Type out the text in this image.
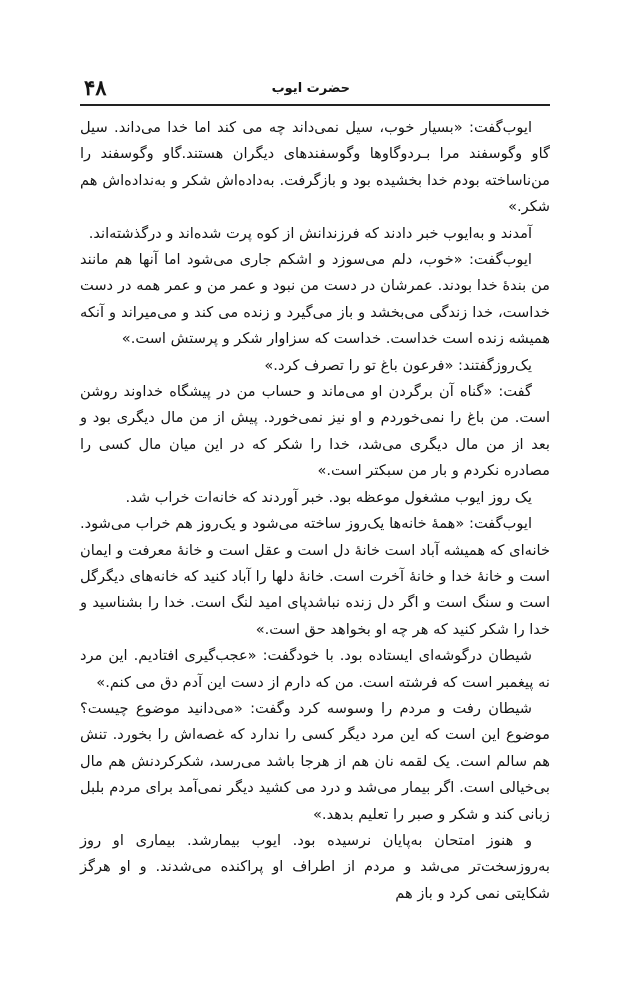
۴۸	حضرت ایوب

ایوب‌گفت: «بسیار خوب، سیل نمی‌داند چه می کند اما خدا می‌داند. سیل گاو وگوسفند مرا بـردوگاوها وگوسفندهای دیگران هستند.گاو وگوسفند را من‌ناساخته بودم خدا بخشیده بود و بازگرفت. به‌داده‌اش شکر و به‌نداده‌اش هم شکر.»

آمدند و به‌ایوب خبر دادند که فرزندانش از کوه پرت شده‌اند و درگذشته‌اند.

ایوب‌گفت: «خوب، دلم می‌سوزد و اشکم جاری می‌شود اما آنها هم مانند من بندهٔ خدا بودند. عمرشان در دست من نبود و عمر من و عمر همه در دست خداست، خدا زندگی می‌بخشد و باز می‌گیرد و زنده می کند و می‌میراند و آنکه همیشه زنده است خداست. خداست که سزاوار شکر و پرستش است.»

یک‌روزگفتند: «فرعون باغ تو را تصرف کرد.»

گفت: «گناه آن برگردن او می‌ماند و حساب من در پیشگاه خداوند روشن است. من باغ را نمی‌خوردم و او نیز نمی‌خورد. پیش از من مال دیگری بود و بعد از من مال دیگری می‌شد، خدا را شکر که در این میان مال کسی را مصادره نکردم و بار من سبکتر است.»

یک روز ایوب مشغول موعظه بود. خبر آوردند که خانه‌ات خراب شد.

ایوب‌گفت: «همهٔ خانه‌ها یک‌روز ساخته می‌شود و یک‌روز هم خراب می‌شود. خانه‌ای که همیشه آباد است خانهٔ دل است و عقل است و خانهٔ معرفت و ایمان است و خانهٔ خدا و خانهٔ آخرت است. خانهٔ دلها را آباد کنید که خانه‌های دیگرگل است و سنگ است و اگر دل زنده نباشد‌پای امید لنگ است. خدا را بشناسید و خدا را شکر کنید که هر چه او بخواهد حق است.»

شیطان درگوشه‌ای ایستاده بود. با خودگفت: «عجب‌گیری افتادیم. این مرد نه پیغمبر است که فرشته است. من که دارم از دست این آدم دق می کنم.»

شیطان رفت و مردم را وسوسه کرد وگفت: «می‌دانید موضوع چیست؟ موضوع این است که این مرد دیگر کسی را ندارد که غصه‌اش را بخورد. تنش هم سالم است. یک لقمه نان هم از هرجا باشد می‌رسد، شکرکردنش هم مال بی‌خیالی است. اگر بیمار می‌شد و درد می کشید دیگر نمی‌آمد برای مردم بلبل زبانی کند و شکر و صبر را تعلیم بدهد.»

و هنوز امتحان به‌پایان نرسیده بود. ایوب بیمارشد. بیماری او روز به‌روزسخت‌تر می‌شد و مردم از اطراف او پراکنده می‌شدند. و او هرگز شکایتی نمی کرد و باز هم
